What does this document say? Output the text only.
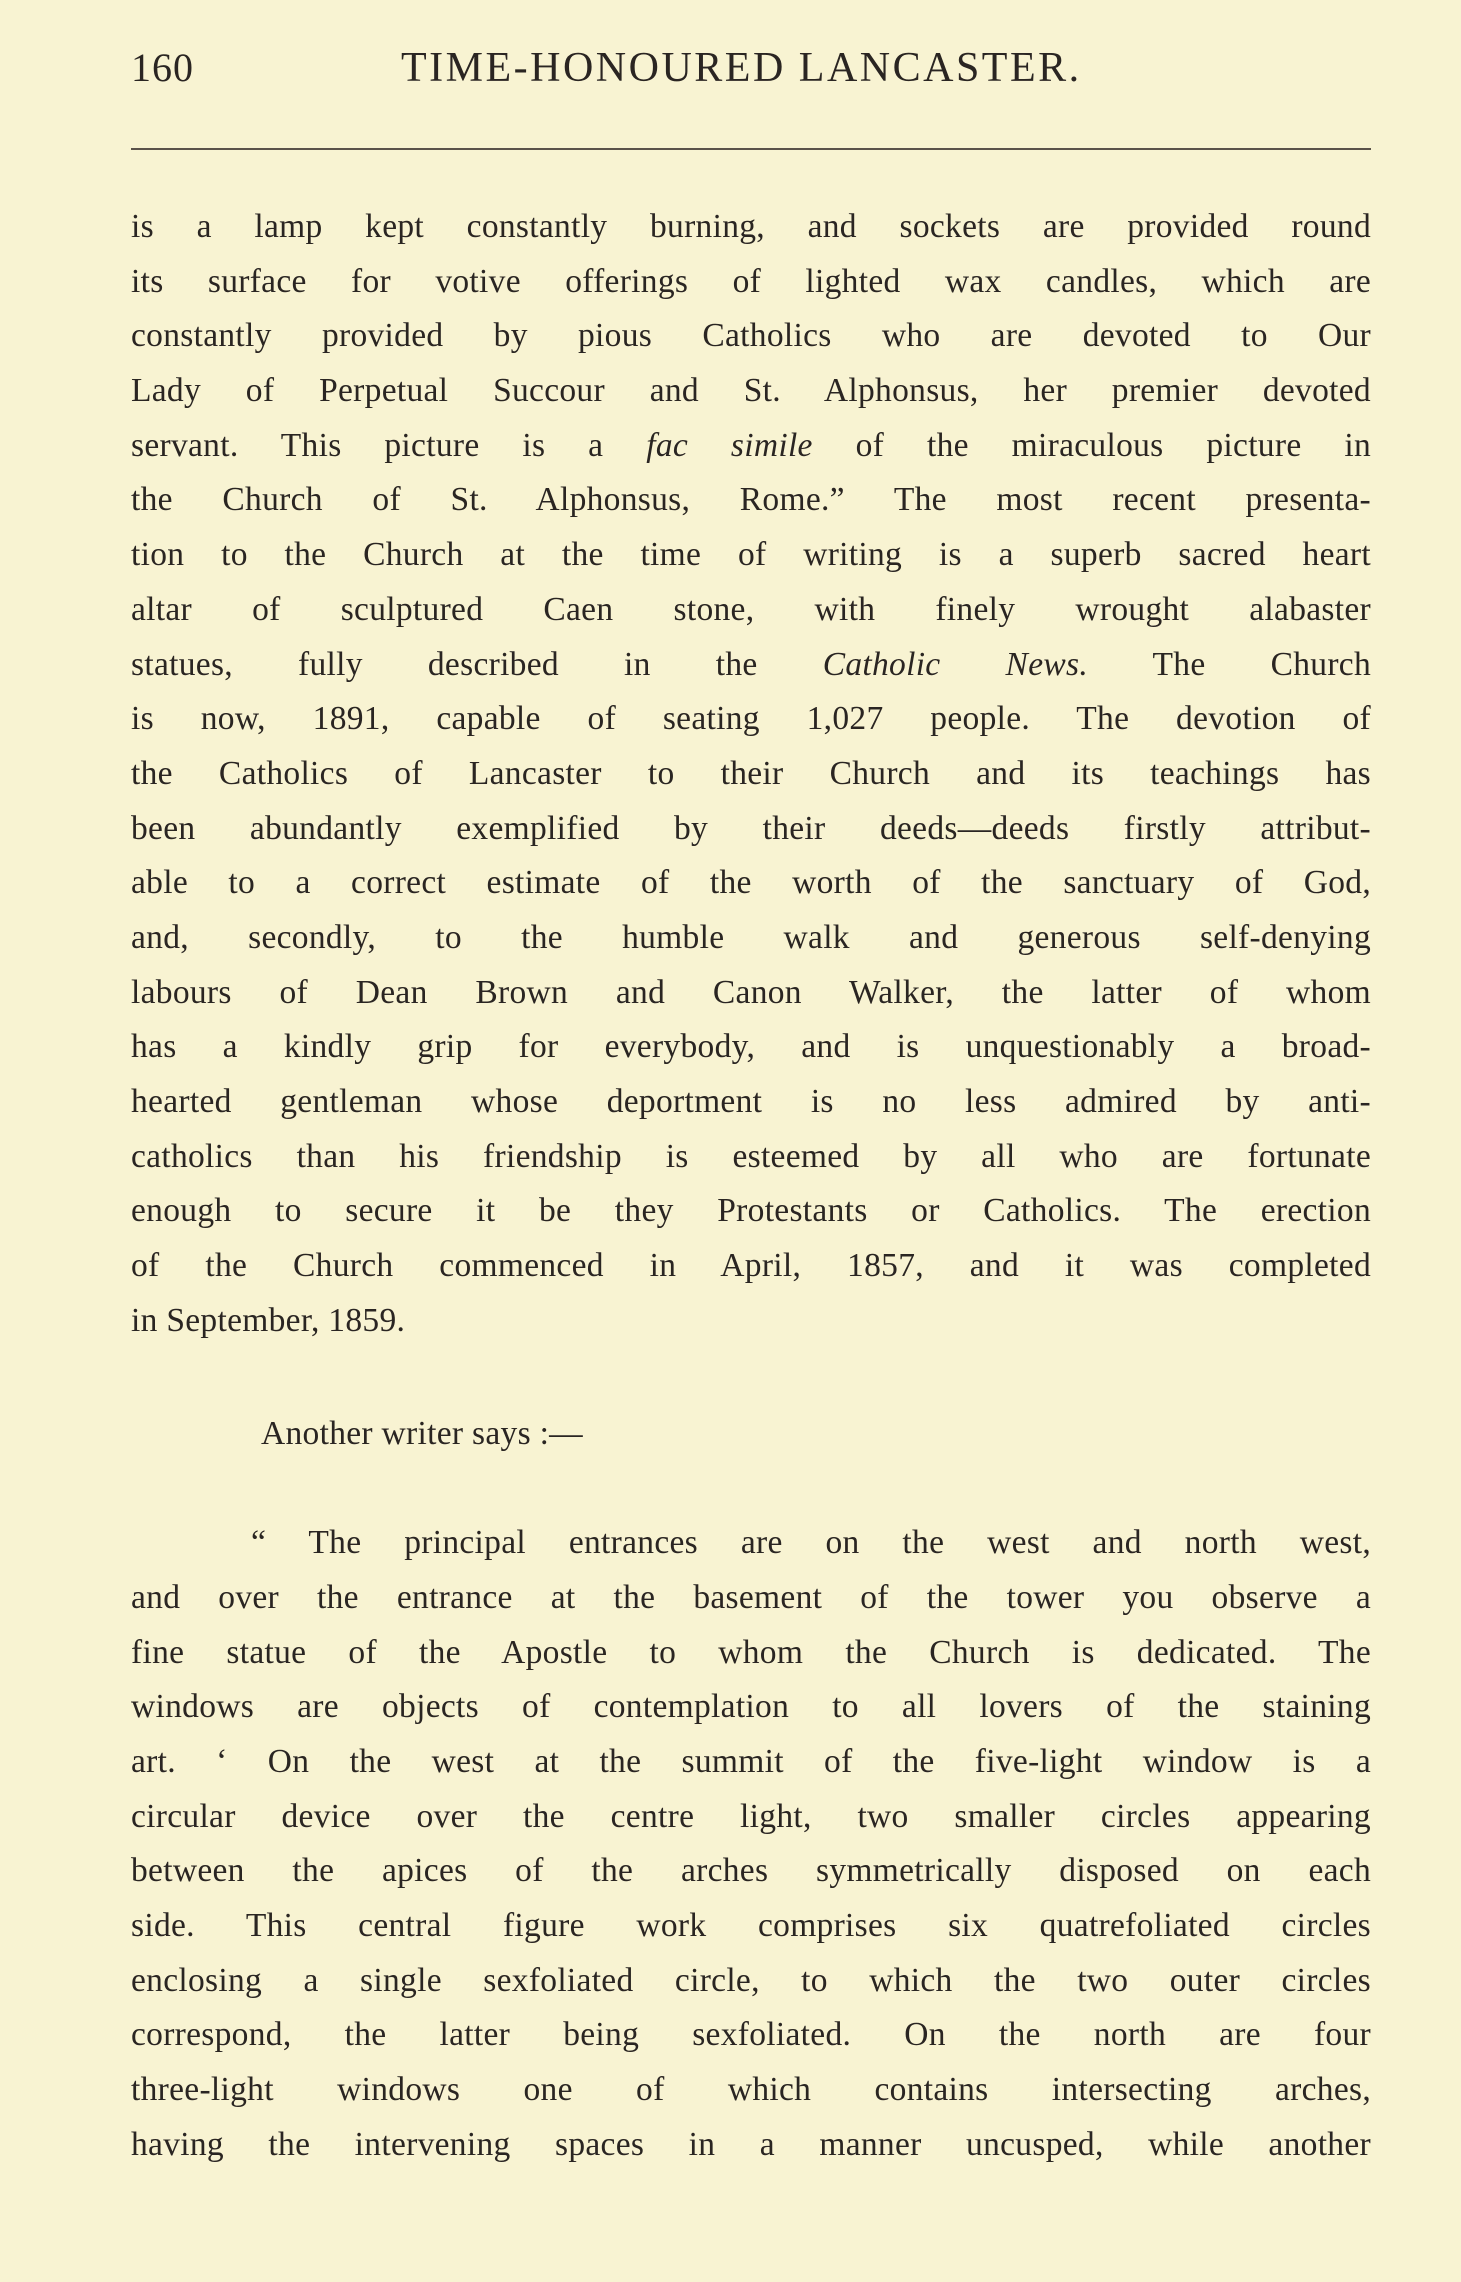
160	TIME-HONOURED LANCASTER.
is a lamp kept constantly burning, and sockets are provided round
its surface for votive offerings of lighted wax candles, which are
constantly provided by pious Catholics who are devoted to Our
Lady of Perpetual Succour and St. Alphonsus, her premier devoted
servant. This picture is a fac simile of the miraculous picture in
the Church of St. Alphonsus, Rome.” The most recent presenta-
tion to the Church at the time of writing is a superb sacred heart
altar of sculptured Caen stone, with finely wrought alabaster
statues, fully described in the Catholic News. The Church
is now, 1891, capable of seating 1,027 people. The devotion of
the Catholics of Lancaster to their Church and its teachings has
been abundantly exemplified by their deeds—deeds firstly attribut-
able to a correct estimate of the worth of the sanctuary of God,
and, secondly, to the humble walk and generous self-denying
labours of Dean Brown and Canon Walker, the latter of whom
has a kindly grip for everybody, and is unquestionably a broad-
hearted gentleman whose deportment is no less admired by anti-
catholics than his friendship is esteemed by all who are fortunate
enough to secure it be they Protestants or Catholics. The erection
of the Church commenced in April, 1857, and it was completed
in September, 1859.
Another writer says :—
“ The principal entrances are on the west and north west,
and over the entrance at the basement of the tower you observe a
fine statue of the Apostle to whom the Church is dedicated. The
windows are objects of contemplation to all lovers of the staining
art. ‘ On the west at the summit of the five-light window is a
circular device over the centre light, two smaller circles appearing
between the apices of the arches symmetrically disposed on each
side. This central figure work comprises six quatrefoliated circles
enclosing a single sexfoliated circle, to which the two outer circles
correspond, the latter being sexfoliated. On the north are four
three-light windows one of which contains intersecting arches,
having the intervening spaces in a manner uncusped, while another
